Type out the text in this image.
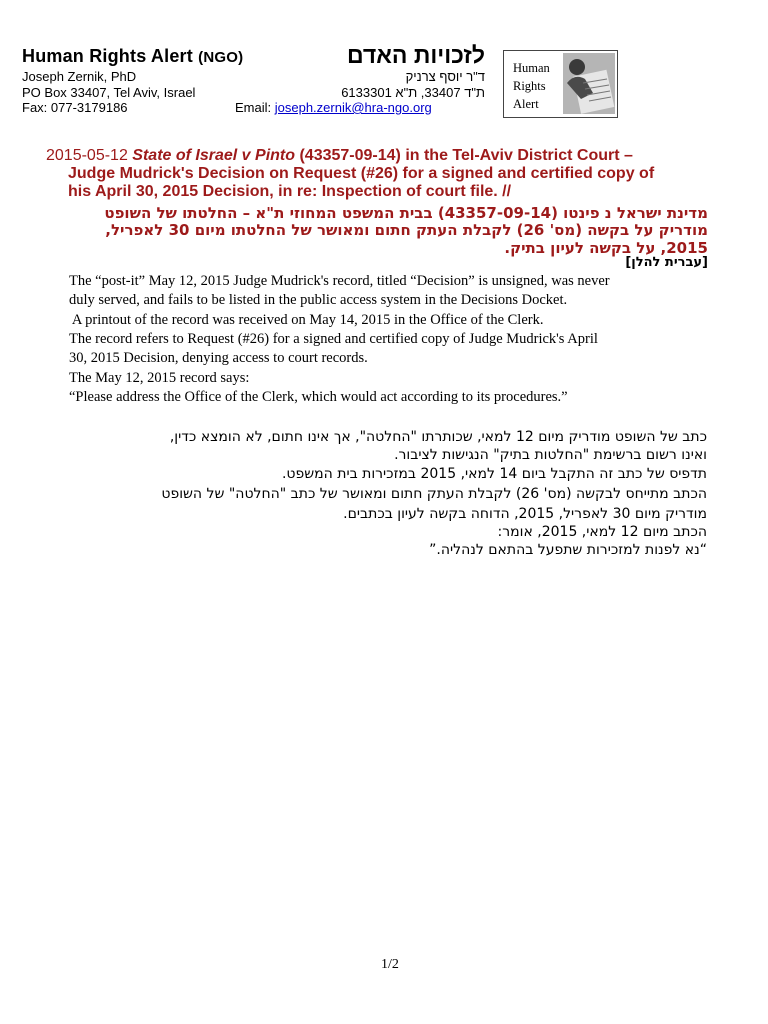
Human Rights Alert (NGO)	לזכויות האדם
Joseph Zernik, PhD
PO Box 33407, Tel Aviv, Israel
Fax: 077-3179186
ד"ר יוסף צרניק
ת"ד 33407, ת"א 6133301
Email: joseph.zernik@hra-ngo.org
Human
Rights
Alert
2015-05-12 State of Israel v Pinto (43357-09-14) in the Tel-Aviv District Court –
Judge Mudrick's Decision on Request (#26) for a signed and certified copy of
his April 30, 2015 Decision, in re: Inspection of court file. //
מדינת ישראל נ פינטו (43357-09-14) בבית המשפט המחוזי ת"א – החלטתו של השופט
מודריק על בקשה (מס' 26) לקבלת העתק חתום ומאושר של החלטתו מיום 30 לאפריל,
2015, על בקשה לעיון בתיק.
[עברית להלן]
The “post-it” May 12, 2015 Judge Mudrick's record, titled “Decision” is unsigned, was never
duly served, and fails to be listed in the public access system in the Decisions Docket.
A printout of the record was received on May 14, 2015 in the Office of the Clerk.
The record refers to Request (#26) for a signed and certified copy of Judge Mudrick's April
30, 2015 Decision, denying access to court records.
The May 12, 2015 record says:
“Please address the Office of the Clerk, which would act according to its procedures.”
כתב של השופט מודריק מיום 12 למאי, שכותרתו "החלטה", אך אינו חתום, לא הומצא כדין,
ואינו רשום ברשימת "החלטות בתיק" הנגישות לציבור.
תדפיס של כתב זה התקבל ביום 14 למאי, 2015 במזכירות בית המשפט.
הכתב מתייחס לבקשה (מס' 26) לקבלת העתק חתום ומאושר של כתב "החלטה" של השופט
מודריק מיום 30 לאפריל, 2015, הדוחה בקשה לעיון בכתבים.
הכתב מיום 12 למאי, 2015, אומר:
“נא לפנות למזכירות שתפעל בהתאם לנהליה.”
1/2
